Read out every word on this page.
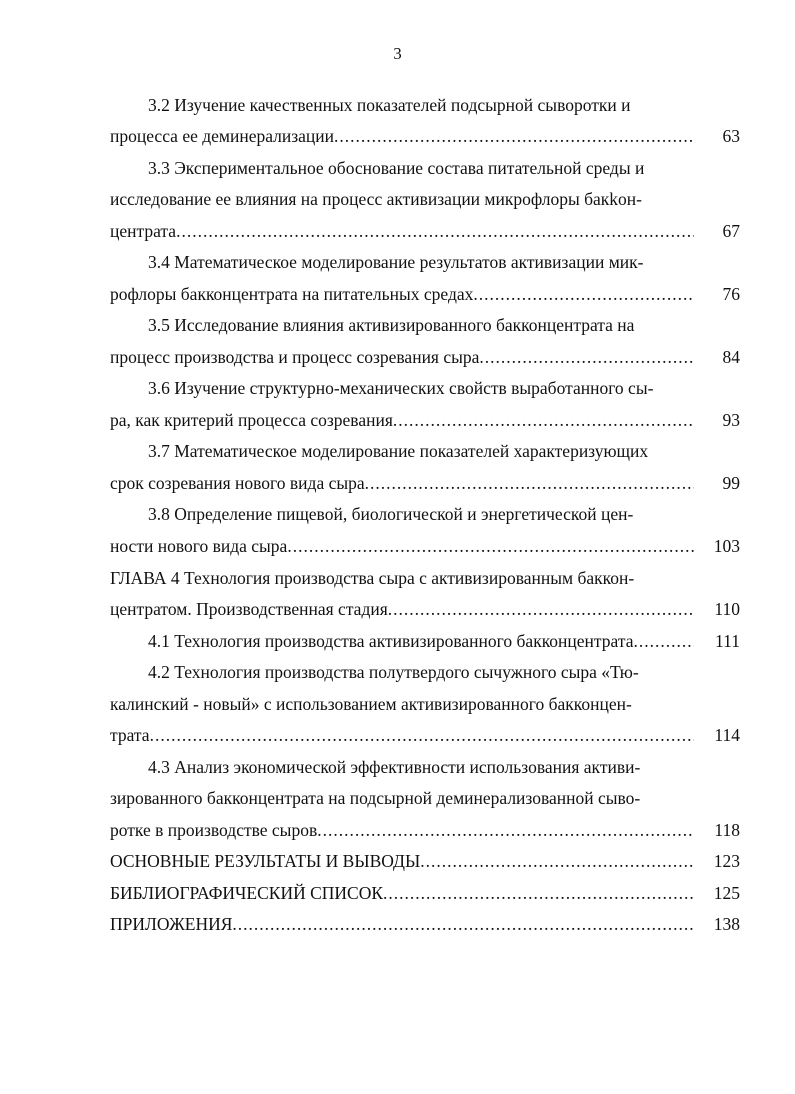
3
3.2 Изучение качественных показателей подсырной сыворотки и
процесса ее деминерализации .....	63
3.3 Экспериментальное обоснование состава питательной среды и
исследование ее влияния на процесс активизации микрофлоры бакkон-
центрата .....	67
3.4 Математическое моделирование результатов активизации мик-
рофлоры бакконцентрата на питательных средах .....	76
3.5 Исследование влияния активизированного бакконцентрата на
процесс производства и процесс созревания сыра .....	84
3.6 Изучение структурно-механических свойств выработанного сы-
ра, как критерий процесса созревания .....	93
3.7 Математическое моделирование показателей характеризующих
срок созревания нового вида сыра .....	99
3.8 Определение пищевой, биологической и энергетической цен-
ности нового вида сыра .....	103
ГЛАВА 4 Технология производства сыра с активизированным баккон-
центратом. Производственная стадия .....	110
4.1 Технология производства активизированного бакконцентрата .....	111
4.2 Технология производства полутвердого сычужного сыра «Тю-
калинский - новый» с использованием активизированного бакконцен-
трата .....	114
4.3 Анализ экономической эффективности использования активи-
зированного бакконцентрата на подсырной деминерализованной сыво-
ротке в производстве сыров .....	118
ОСНОВНЫЕ РЕЗУЛЬТАТЫ И ВЫВОДЫ .....	123
БИБЛИОГРАФИЧЕСКИЙ СПИСОК .....	125
ПРИЛОЖЕНИЯ .....	138
